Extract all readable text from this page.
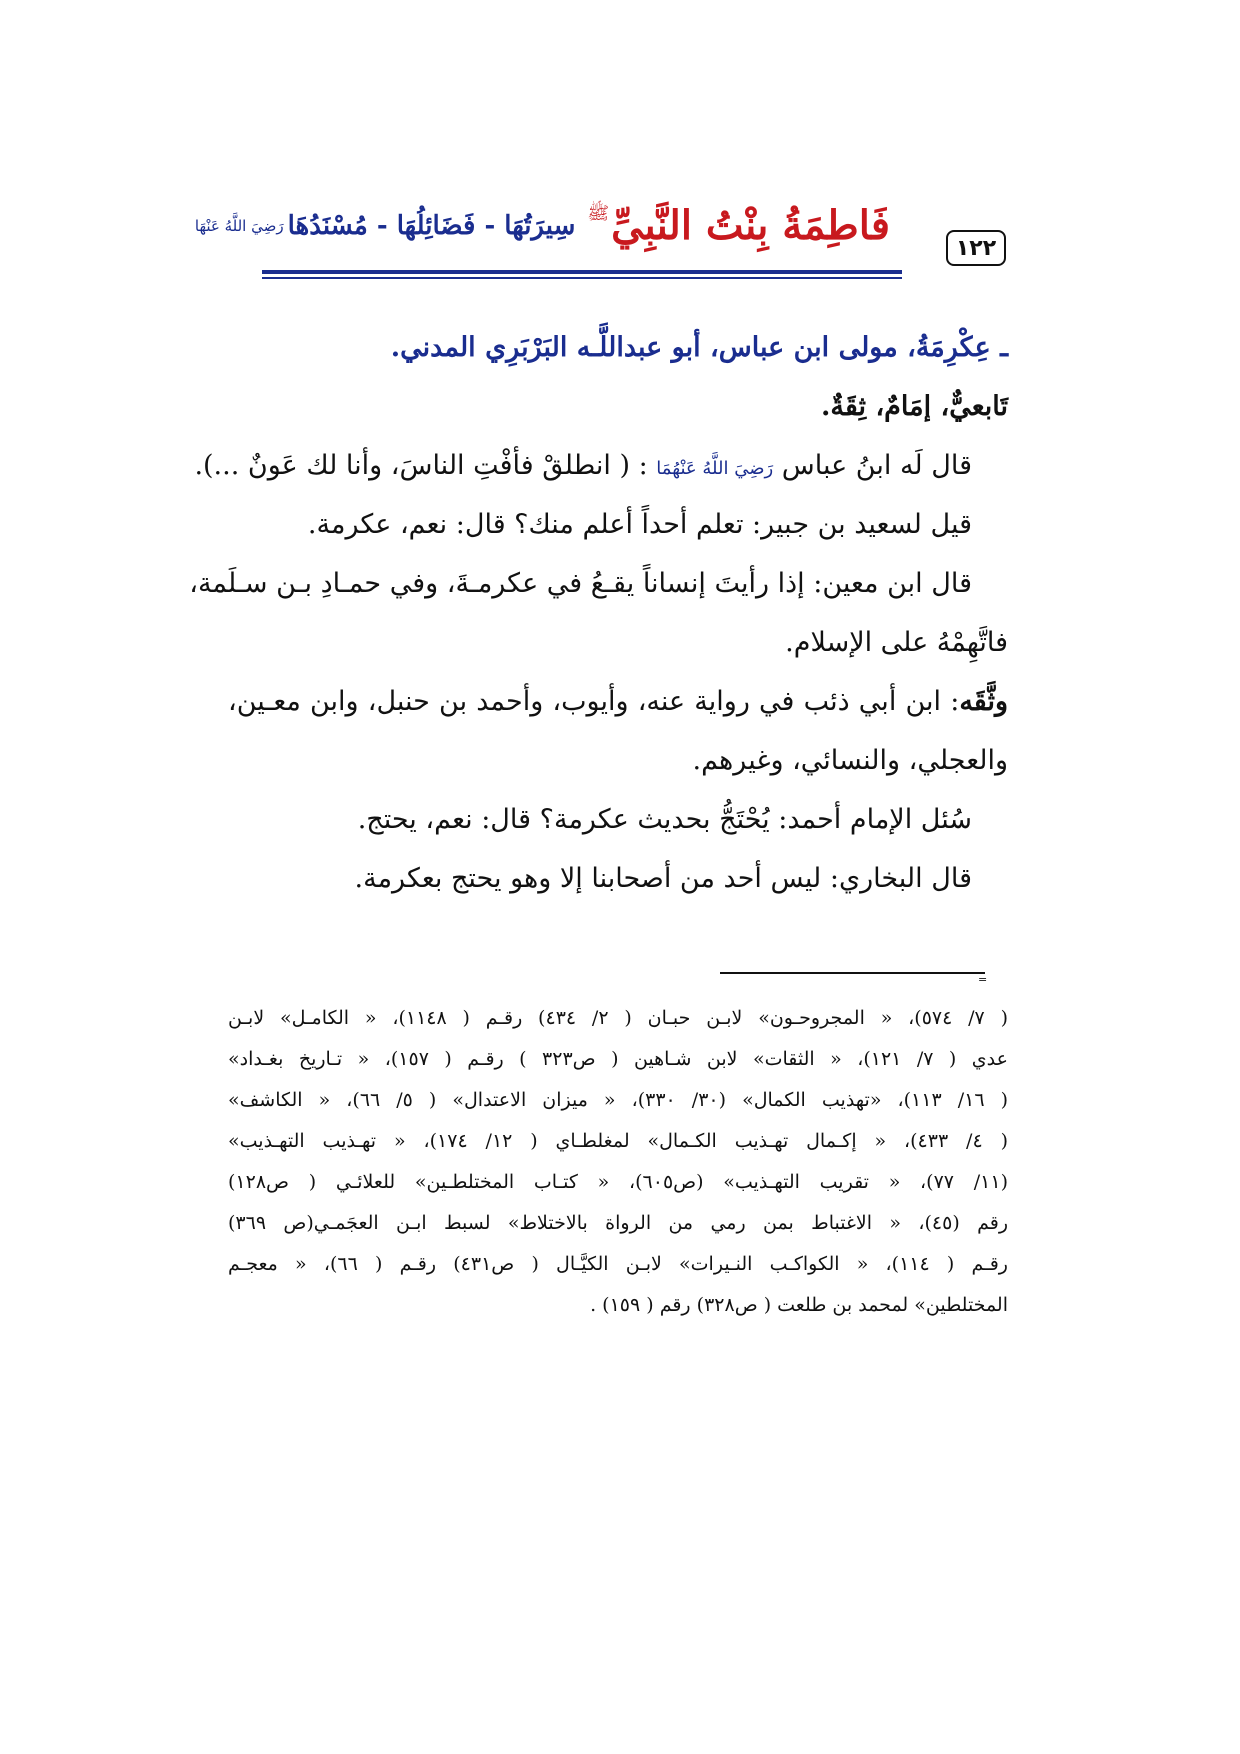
فَاطِمَةُ بِنْتُ النَّبِيِّﷺسِيرَتُهَا - فَضَائِلُهَا - مُسْنَدُهَارَضِيَ اللَّهُ عَنْهَا
١٢٢
ـ عِكْرِمَةُ، مولى ابن عباس، أبو عبداللَّـه البَرْبَرِي المدني.
تَابعيٌّ، إمَامٌ، ثِقَةٌ.
قال لَه ابنُ عباس رَضِيَ اللَّهُ عَنْهُمَا : ( انطلقْ فأفْتِ الناسَ، وأنا لك عَونٌ ...).
قيل لسعيد بن جبير: تعلم أحداً أعلم منك؟ قال: نعم، عكرمة.
قال ابن معين: إذا رأيتَ إنساناً يقـعُ في عكرمـةَ، وفي حمـادِ بـن سـلَمة،
فاتَّهِمْهُ على الإسلام.
وثَّقَه: ابن أبي ذئب في رواية عنه، وأيوب، وأحمد بن حنبل، وابن معـين،
والعجلي، والنسائي، وغيرهم.
سُئل الإمام أحمد: يُحْتَجُّ بحديث عكرمة؟ قال: نعم، يحتج.
قال البخاري: ليس أحد من أصحابنا إلا وهو يحتج بعكرمة.
=
( ٧/ ٥٧٤)، « المجروحـون» لابـن حبـان ( ٢/ ٤٣٤) رقـم ( ١١٤٨)، « الكامـل» لابـن
عدي ( ٧/ ١٢١)، « الثقات» لابن شـاهين ( ص٣٢٣ ) رقـم ( ١٥٧)، « تـاريخ بغـداد»
( ١٦/ ١١٣)، «تهذيب الكمال» (٣٠/ ٣٣٠)، « ميزان الاعتدال» ( ٥/ ٦٦)، « الكاشف»
( ٤/ ٤٣٣)، « إكـمال تهـذيب الكـمال» لمغلطـاي ( ١٢/ ١٧٤)، « تهـذيب التهـذيب»
(١١/ ٧٧)، « تقريب التهـذيب» (ص٦٠٥)، « كتـاب المختلطـين» للعلائـي ( ص١٢٨)
رقم (٤٥)، « الاغتباط بمن رمي من الرواة بالاختلاط» لسبط ابـن العجَمـي(ص ٣٦٩)
رقـم ( ١١٤)، « الكواكـب النـيرات» لابـن الكيَّـال ( ص٤٣١) رقـم ( ٦٦)، « معجـم
المختلطين» لمحمد بن طلعت ( ص٣٢٨) رقم ( ١٥٩) .
